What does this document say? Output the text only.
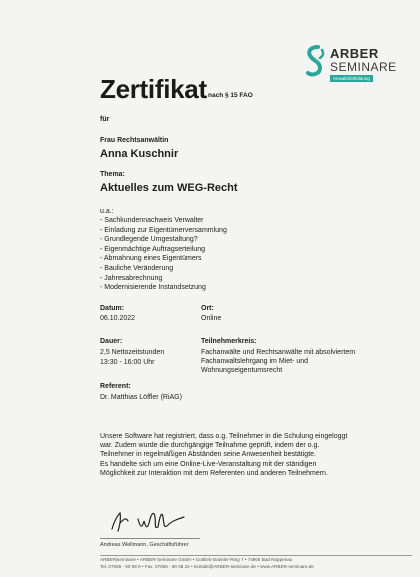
ARBER
SEMINARE
Anwaltsfortbildung
Zertifikat nach § 15 FAO
für
Frau Rechtsanwältin
Anna Kuschnir
Thema:
Aktuelles zum WEG-Recht
u.a.:
- Sachkundennachweis Verwalter
- Einladung zur Eigentümerversammlung
- Grundlegende Umgestaltung?
- Eigenmächtige Auftragserteilung
- Abmahnung eines Eigentümers
- Bauliche Veränderung
- Jahresabrechnung
- Modernisierende Instandsetzung
Datum:
06.10.2022
Ort:
Online
Dauer:
2,5 Nettozeitstunden
13:30 - 16:00 Uhr
Teilnehmerkreis:
Fachanwälte und Rechtsanwälte mit absolviertem
Fachanwaltslehrgang im Miet- und
Wohnungseigentumsrecht
Referent:
Dr. Matthias Löffler (RiAG)
Unsere Software hat registriert, dass o.g. Teilnehmer in die Schulung eingeloggt
war. Zudem wurde die durchgängige Teilnahme geprüft, indem der o.g.
Teilnehmer in regelmäßigen Abständen seine Anwesenheit bestätigte.
Es handelte sich um eine Online-Live-Veranstaltung mit der ständigen
Möglichkeit zur Interaktion mit dem Referenten und anderen Teilnehmern.
Andreas Wellmann, Geschäftsführer
ARBER|seminare • ARBER-Seminare GmbH • Gottlieb-Daimler-Ring 7 • 74906 Bad Rappenau
Tel. 07066 - 90 08 0 • Fax. 07066 - 90 08 22 • kontakt@ARBER-seminare.de • www.ARBER-seminare.de
